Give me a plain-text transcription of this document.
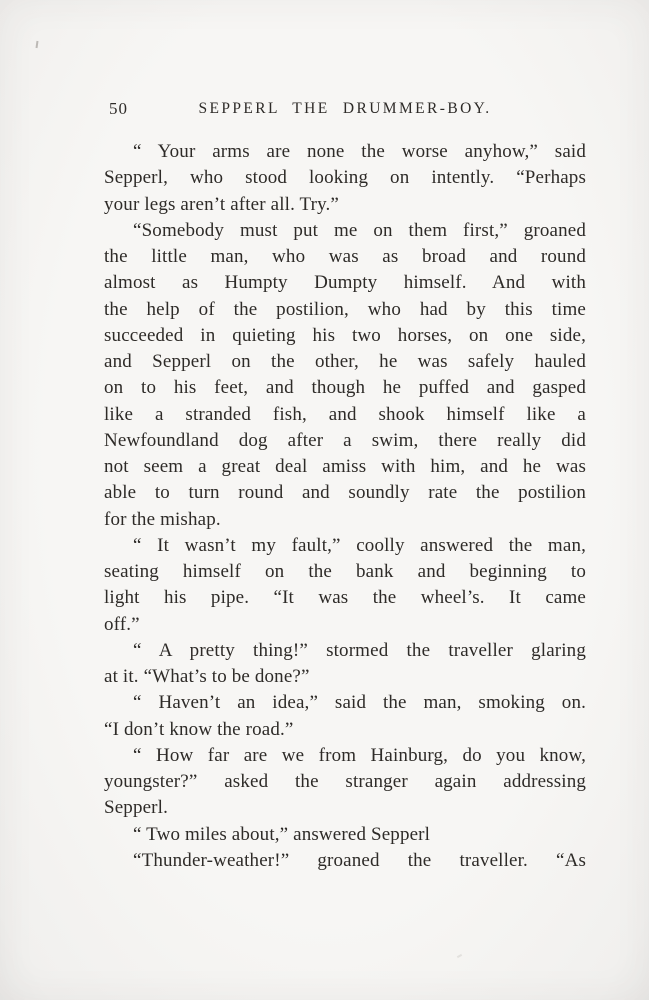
50	SEPPERL THE DRUMMER-BOY.
“ Your arms are none the worse anyhow,” said
Sepperl, who stood looking on intently. “Perhaps
your legs aren’t after all. Try.”
“Somebody must put me on them first,” groaned
the little man, who was as broad and round
almost as Humpty Dumpty himself. And with
the help of the postilion, who had by this time
succeeded in quieting his two horses, on one side,
and Sepperl on the other, he was safely hauled
on to his feet, and though he puffed and gasped
like a stranded fish, and shook himself like a
Newfoundland dog after a swim, there really did
not seem a great deal amiss with him, and he was
able to turn round and soundly rate the postilion
for the mishap.
“ It wasn’t my fault,” coolly answered the man,
seating himself on the bank and beginning to
light his pipe. “It was the wheel’s. It came
off.”
“ A pretty thing!” stormed the traveller glaring
at it. “What’s to be done?”
“ Haven’t an idea,” said the man, smoking on.
“I don’t know the road.”
“ How far are we from Hainburg, do you know,
youngster?” asked the stranger again addressing
Sepperl.
“ Two miles about,” answered Sepperl
“Thunder-weather!” groaned the traveller. “As
